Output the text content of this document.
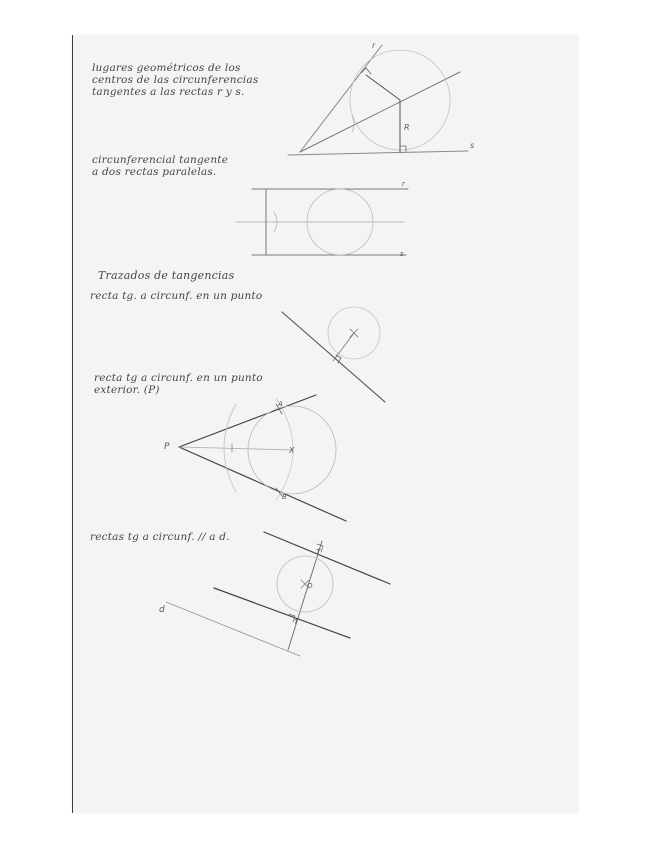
lugares geométricos de los
centros de las circunferencias
tangentes a las rectas r y s.
circunferencial tangente
a dos rectas paralelas.
Trazados de tangencias
recta tg. a circunf. en un punto
recta tg a circunf. en un punto
exterior. (P)
rectas tg a circunf. // a d.
r
s
R
r
s
P
A
B
X
T
T
O
d
